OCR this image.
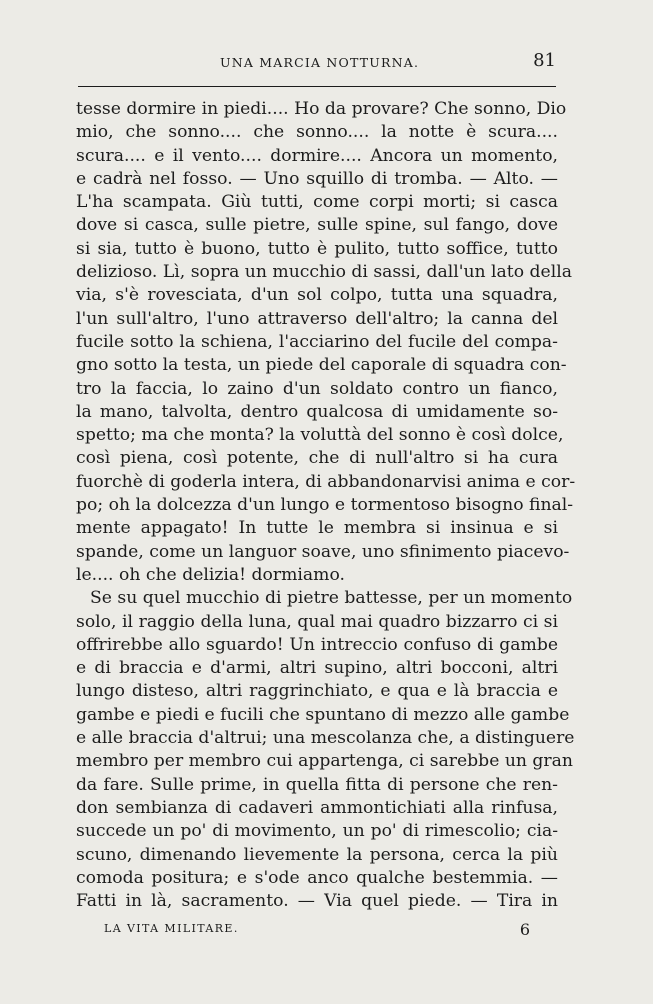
UNA MARCIA NOTTURNA.	81
tesse dormire in piedi.... Ho da provare? Che sonno, Dio
mio, che sonno.... che sonno.... la notte è scura....
scura.... e il vento.... dormire.... Ancora un momento,
e cadrà nel fosso. — Uno squillo di tromba. — Alto. —
L'ha scampata. Giù tutti, come corpi morti; si casca
dove si casca, sulle pietre, sulle spine, sul fango, dove
si sia, tutto è buono, tutto è pulito, tutto soffice, tutto
delizioso. Lì, sopra un mucchio di sassi, dall'un lato della
via, s'è rovesciata, d'un sol colpo, tutta una squadra,
l'un sull'altro, l'uno attraverso dell'altro; la canna del
fucile sotto la schiena, l'acciarino del fucile del compa-
gno sotto la testa, un piede del caporale di squadra con-
tro la faccia, lo zaino d'un soldato contro un fianco,
la mano, talvolta, dentro qualcosa di umidamente so-
spetto; ma che monta? la voluttà del sonno è così dolce,
così piena, così potente, che di null'altro si ha cura
fuorchè di goderla intera, di abbandonarvisi anima e cor-
po; oh la dolcezza d'un lungo e tormentoso bisogno final-
mente appagato! In tutte le membra si insinua e si
spande, come un languor soave, uno sfinimento piacevo-
le.... oh che delizia! dormiamo.
Se su quel mucchio di pietre battesse, per un momento
solo, il raggio della luna, qual mai quadro bizzarro ci si
offrirebbe allo sguardo! Un intreccio confuso di gambe
e di braccia e d'armi, altri supino, altri bocconi, altri
lungo disteso, altri raggrinchiato, e qua e là braccia e
gambe e piedi e fucili che spuntano di mezzo alle gambe
e alle braccia d'altrui; una mescolanza che, a distinguere
membro per membro cui appartenga, ci sarebbe un gran
da fare. Sulle prime, in quella fitta di persone che ren-
don sembianza di cadaveri ammontichiati alla rinfusa,
succede un po' di movimento, un po' di rimescolio; cia-
scuno, dimenando lievemente la persona, cerca la più
comoda positura; e s'ode anco qualche bestemmia. —
Fatti in là, sacramento. — Via quel piede. — Tira in
LA VITA MILITARE.	6
